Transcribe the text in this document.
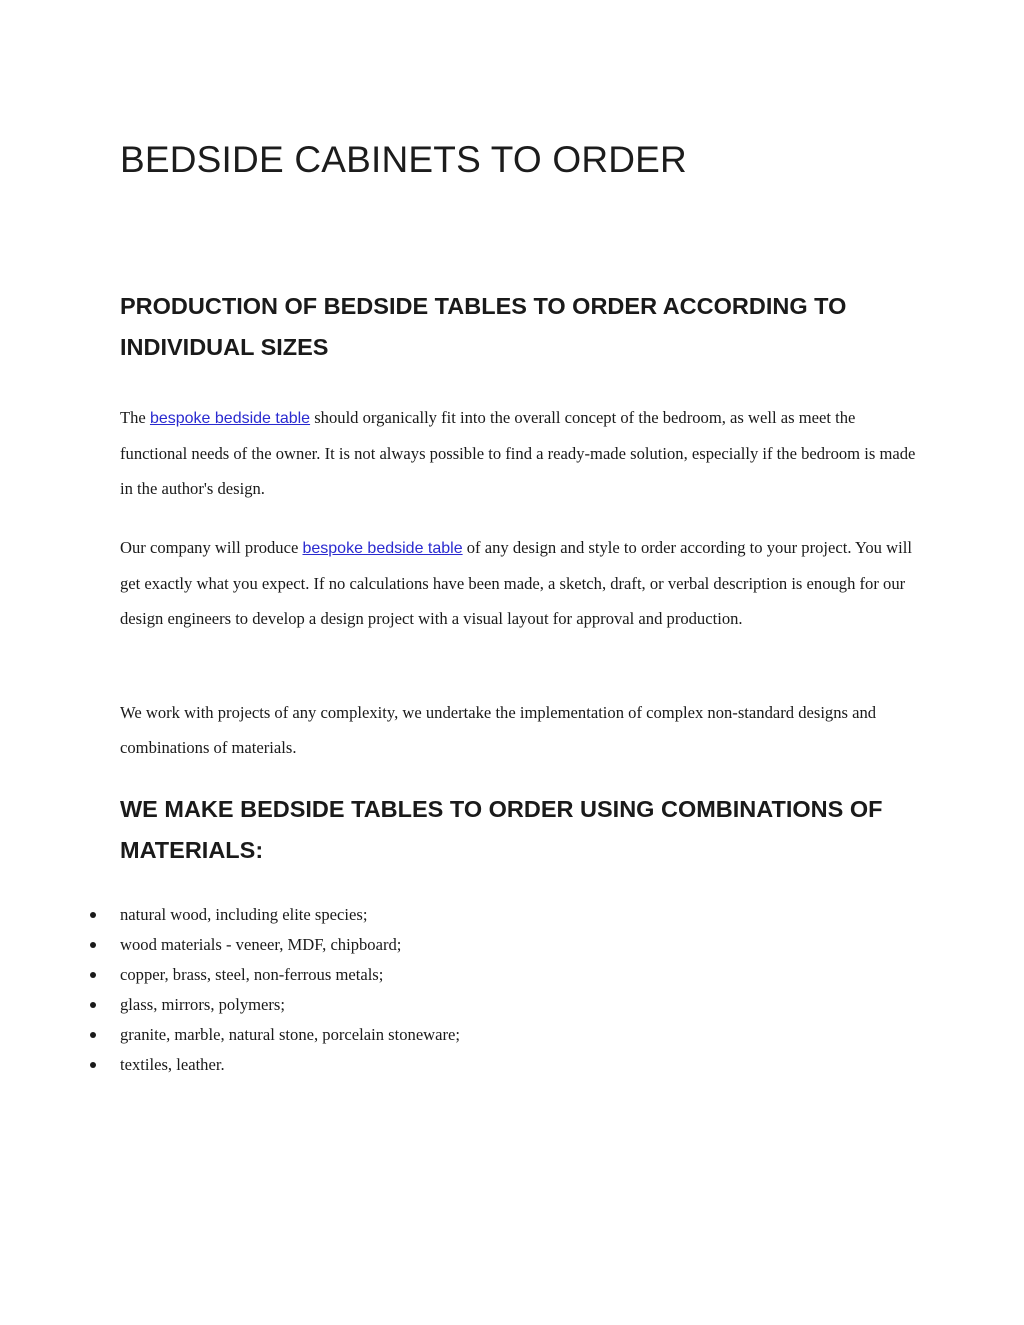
BEDSIDE CABINETS TO ORDER
PRODUCTION OF BEDSIDE TABLES TO ORDER ACCORDING TO INDIVIDUAL SIZES

The bespoke bedside table should organically fit into the overall concept of the bedroom, as well as meet the functional needs of the owner. It is not always possible to find a ready-made solution, especially if the bedroom is made in the author's design.

Our company will produce bespoke bedside table of any design and style to order according to your project. You will get exactly what you expect. If no calculations have been made, a sketch, draft, or verbal description is enough for our design engineers to develop a design project with a visual layout for approval and production.

We work with projects of any complexity, we undertake the implementation of complex non-standard designs and combinations of materials.

WE MAKE BEDSIDE TABLES TO ORDER USING COMBINATIONS OF MATERIALS:
natural wood, including elite species;
wood materials - veneer, MDF, chipboard;
copper, brass, steel, non-ferrous metals;
glass, mirrors, polymers;
granite, marble, natural stone, porcelain stoneware;
textiles, leather.
